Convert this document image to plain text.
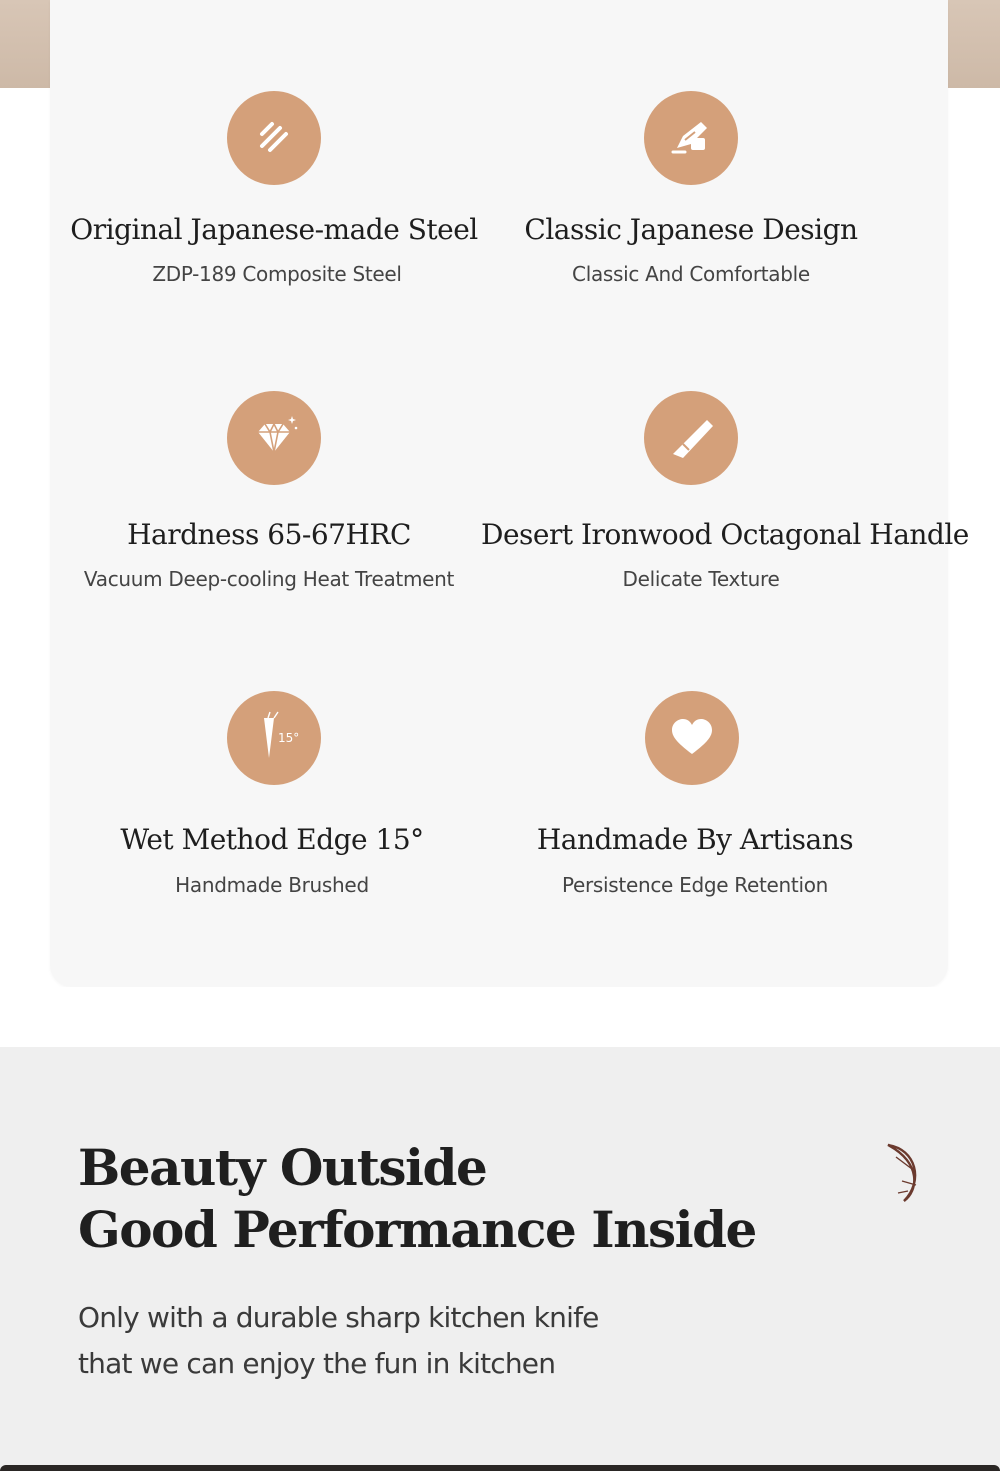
Original Japanese-made Steel
ZDP-189 Composite Steel
Classic Japanese Design
Classic And Comfortable
Hardness 65-67HRC
Vacuum Deep-cooling Heat Treatment
Desert Ironwood Octagonal Handle
Delicate Texture
15°
Wet Method Edge 15°
Handmade Brushed
Handmade By Artisans
Persistence Edge Retention
Beauty Outside
Good Performance Inside

Only with a durable sharp kitchen knife
that we can enjoy the fun in kitchen
